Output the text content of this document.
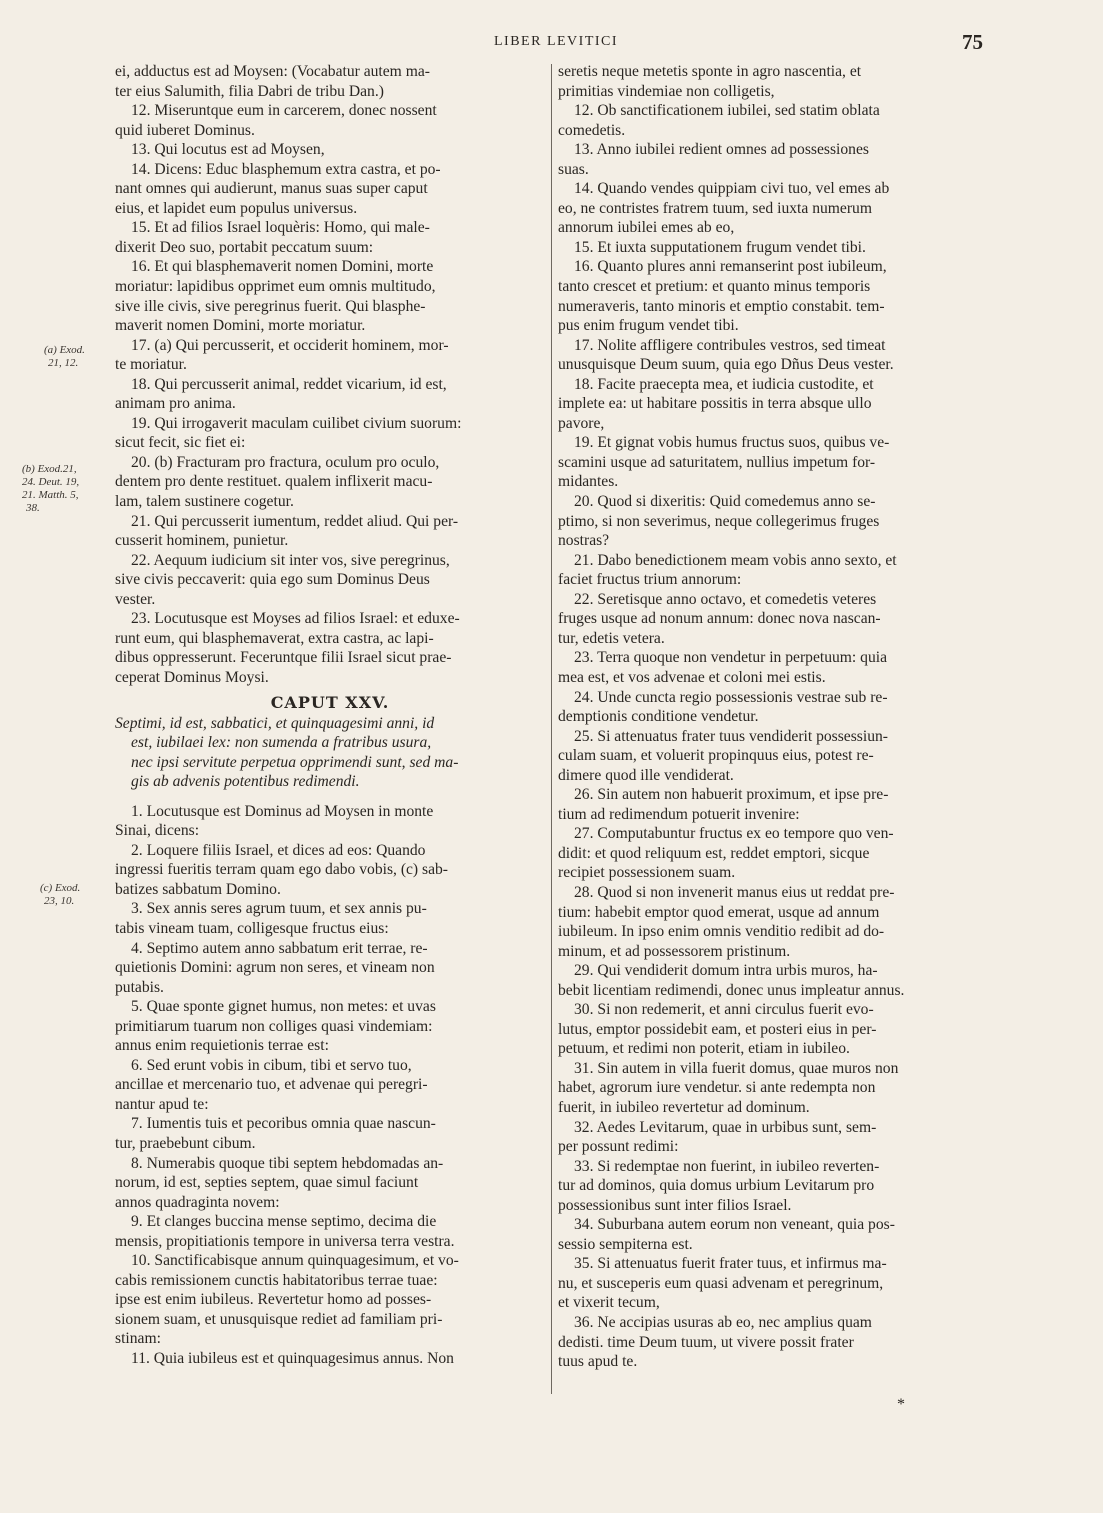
LIBER LEVITICI	75
(a) Exod.
21, 12.
(b) Exod.21,
24. Deut. 19,
21. Matth. 5,
38.
(c) Exod.
23, 10.
ei, adductus est ad Moysen: (Vocabatur autem ma-
ter eius Salumith, filia Dabri de tribu Dan.)
12. Miseruntque eum in carcerem, donec nossent
quid iuberet Dominus.
13. Qui locutus est ad Moysen,
14. Dicens: Educ blasphemum extra castra, et po-
nant omnes qui audierunt, manus suas super caput
eius, et lapidet eum populus universus.
15. Et ad filios Israel loquèris: Homo, qui male-
dixerit Deo suo, portabit peccatum suum:
16. Et qui blasphemaverit nomen Domini, morte
moriatur: lapidibus opprimet eum omnis multitudo,
sive ille civis, sive peregrinus fuerit. Qui blasphe-
maverit nomen Domini, morte moriatur.
17. (a) Qui percusserit, et occiderit hominem, mor-
te moriatur.
18. Qui percusserit animal, reddet vicarium, id est,
animam pro anima.
19. Qui irrogaverit maculam cuilibet civium suorum:
sicut fecit, sic fiet ei:
20. (b) Fracturam pro fractura, oculum pro oculo,
dentem pro dente restituet. qualem inflixerit macu-
lam, talem sustinere cogetur.
21. Qui percusserit iumentum, reddet aliud. Qui per-
cusserit hominem, punietur.
22. Aequum iudicium sit inter vos, sive peregrinus,
sive civis peccaverit: quia ego sum Dominus Deus
vester.
23. Locutusque est Moyses ad filios Israel: et eduxe-
runt eum, qui blasphemaverat, extra castra, ac lapi-
dibus oppresserunt. Feceruntque filii Israel sicut prae-
ceperat Dominus Moysi.
CAPUT XXV.
Septimi, id est, sabbatici, et quinquagesimi anni, id
est, iubilaei lex: non sumenda a fratribus usura,
nec ipsi servitute perpetua opprimendi sunt, sed ma-
gis ab advenis potentibus redimendi.
1. Locutusque est Dominus ad Moysen in monte
Sinai, dicens:
2. Loquere filiis Israel, et dices ad eos: Quando
ingressi fueritis terram quam ego dabo vobis, (c) sab-
batizes sabbatum Domino.
3. Sex annis seres agrum tuum, et sex annis pu-
tabis vineam tuam, colligesque fructus eius:
4. Septimo autem anno sabbatum erit terrae, re-
quietionis Domini: agrum non seres, et vineam non
putabis.
5. Quae sponte gignet humus, non metes: et uvas
primitiarum tuarum non colliges quasi vindemiam:
annus enim requietionis terrae est:
6. Sed erunt vobis in cibum, tibi et servo tuo,
ancillae et mercenario tuo, et advenae qui peregri-
nantur apud te:
7. Iumentis tuis et pecoribus omnia quae nascun-
tur, praebebunt cibum.
8. Numerabis quoque tibi septem hebdomadas an-
norum, id est, septies septem, quae simul faciunt
annos quadraginta novem:
9. Et clanges buccina mense septimo, decima die
mensis, propitiationis tempore in universa terra vestra.
10. Sanctificabisque annum quinquagesimum, et vo-
cabis remissionem cunctis habitatoribus terrae tuae:
ipse est enim iubileus. Revertetur homo ad posses-
sionem suam, et unusquisque rediet ad familiam pri-
stinam:
11. Quia iubileus est et quinquagesimus annus. Non
seretis neque metetis sponte in agro nascentia, et
primitias vindemiae non colligetis,
12. Ob sanctificationem iubilei, sed statim oblata
comedetis.
13. Anno iubilei redient omnes ad possessiones
suas.
14. Quando vendes quippiam civi tuo, vel emes ab
eo, ne contristes fratrem tuum, sed iuxta numerum
annorum iubilei emes ab eo,
15. Et iuxta supputationem frugum vendet tibi.
16. Quanto plures anni remanserint post iubileum,
tanto crescet et pretium: et quanto minus temporis
numeraveris, tanto minoris et emptio constabit. tem-
pus enim frugum vendet tibi.
17. Nolite affligere contribules vestros, sed timeat
unusquisque Deum suum, quia ego Dñus Deus vester.
18. Facite praecepta mea, et iudicia custodite, et
implete ea: ut habitare possitis in terra absque ullo
pavore,
19. Et gignat vobis humus fructus suos, quibus ve-
scamini usque ad saturitatem, nullius impetum for-
midantes.
20. Quod si dixeritis: Quid comedemus anno se-
ptimo, si non severimus, neque collegerimus fruges
nostras?
21. Dabo benedictionem meam vobis anno sexto, et
faciet fructus trium annorum:
22. Seretisque anno octavo, et comedetis veteres
fruges usque ad nonum annum: donec nova nascan-
tur, edetis vetera.
23. Terra quoque non vendetur in perpetuum: quia
mea est, et vos advenae et coloni mei estis.
24. Unde cuncta regio possessionis vestrae sub re-
demptionis conditione vendetur.
25. Si attenuatus frater tuus vendiderit possessiun-
culam suam, et voluerit propinquus eius, potest re-
dimere quod ille vendiderat.
26. Sin autem non habuerit proximum, et ipse pre-
tium ad redimendum potuerit invenire:
27. Computabuntur fructus ex eo tempore quo ven-
didit: et quod reliquum est, reddet emptori, sicque
recipiet possessionem suam.
28. Quod si non invenerit manus eius ut reddat pre-
tium: habebit emptor quod emerat, usque ad annum
iubileum. In ipso enim omnis venditio redibit ad do-
minum, et ad possessorem pristinum.
29. Qui vendiderit domum intra urbis muros, ha-
bebit licentiam redimendi, donec unus impleatur annus.
30. Si non redemerit, et anni circulus fuerit evo-
lutus, emptor possidebit eam, et posteri eius in per-
petuum, et redimi non poterit, etiam in iubileo.
31. Sin autem in villa fuerit domus, quae muros non
habet, agrorum iure vendetur. si ante redempta non
fuerit, in iubileo revertetur ad dominum.
32. Aedes Levitarum, quae in urbibus sunt, sem-
per possunt redimi:
33. Si redemptae non fuerint, in iubileo reverten-
tur ad dominos, quia domus urbium Levitarum pro
possessionibus sunt inter filios Israel.
34. Suburbana autem eorum non veneant, quia pos-
sessio sempiterna est.
35. Si attenuatus fuerit frater tuus, et infirmus ma-
nu, et susceperis eum quasi advenam et peregrinum,
et vixerit tecum,
36. Ne accipias usuras ab eo, nec amplius quam
dedisti. time Deum tuum, ut vivere possit frater
tuus apud te.
*
